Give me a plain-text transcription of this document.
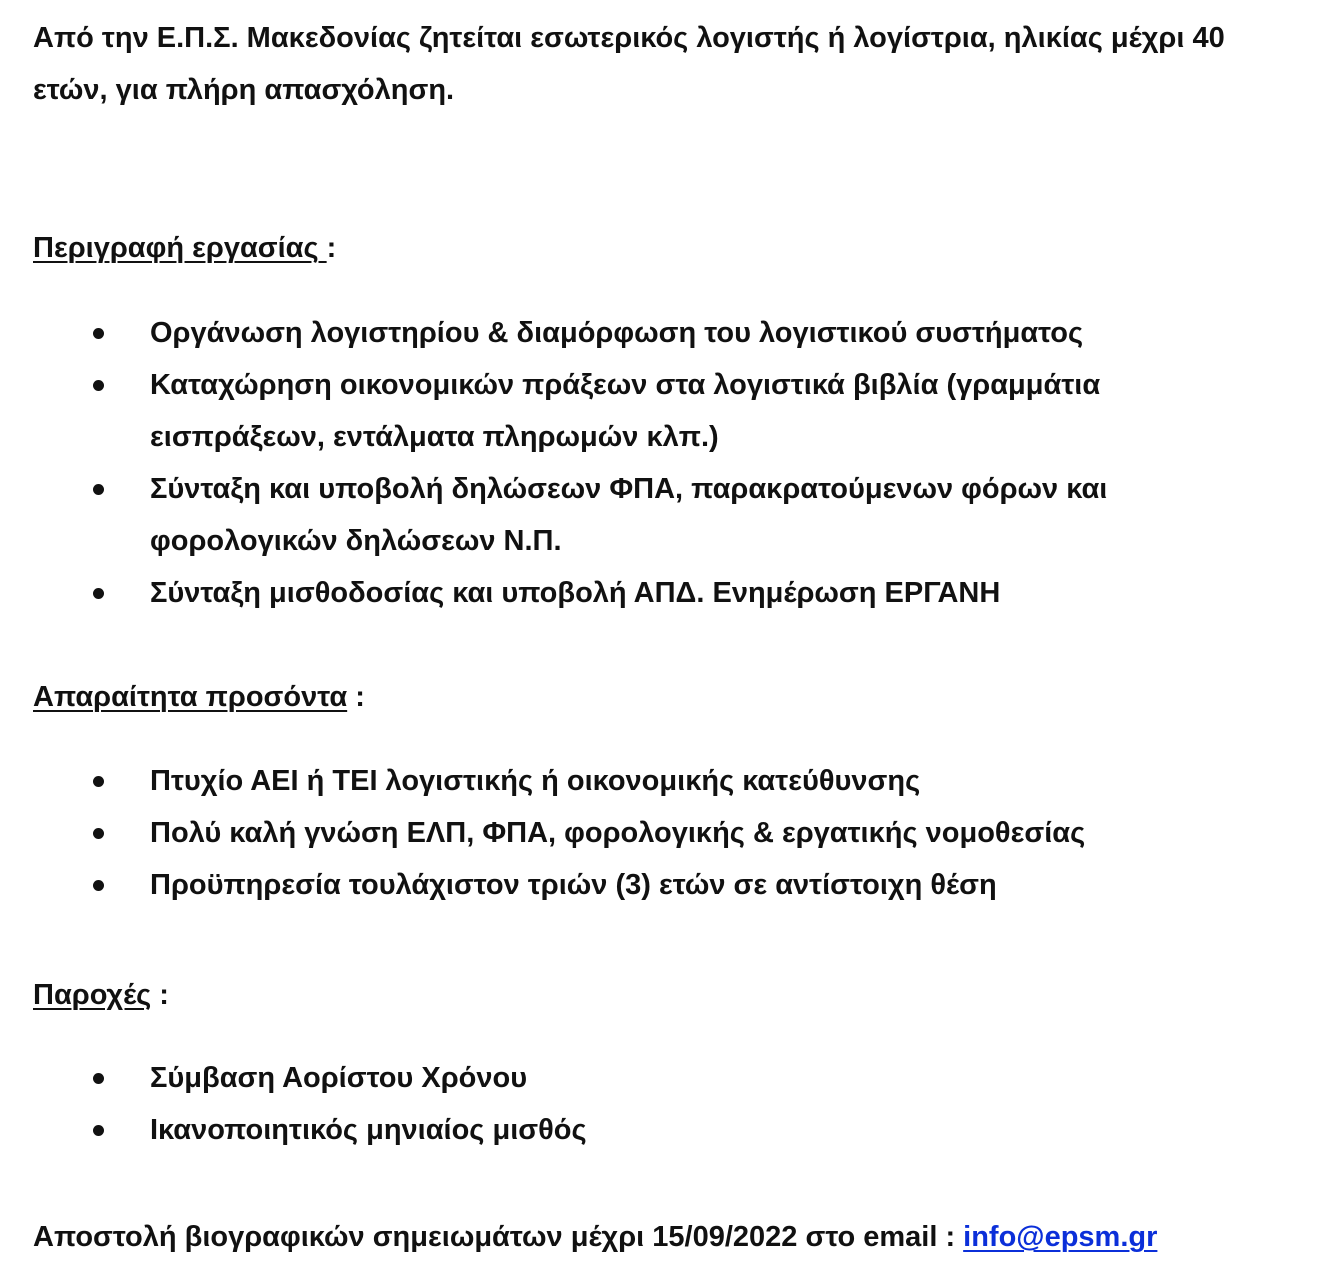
Από την Ε.Π.Σ. Μακεδονίας ζητείται εσωτερικός λογιστής ή λογίστρια, ηλικίας μέχρι 40
ετών, για πλήρη απασχόληση.

Περιγραφή εργασίας :

Οργάνωση λογιστηρίου & διαμόρφωση του λογιστικού συστήματος
Καταχώρηση οικονομικών πράξεων στα λογιστικά βιβλία (γραμμάτια
εισπράξεων, εντάλματα πληρωμών κλπ.)
Σύνταξη και υποβολή δηλώσεων ΦΠΑ, παρακρατούμενων φόρων και
φορολογικών δηλώσεων Ν.Π.
Σύνταξη μισθοδοσίας και υποβολή ΑΠΔ. Ενημέρωση ΕΡΓΑΝΗ

Απαραίτητα προσόντα :

Πτυχίο ΑΕΙ ή ΤΕΙ λογιστικής ή οικονομικής κατεύθυνσης
Πολύ καλή γνώση ΕΛΠ, ΦΠΑ, φορολογικής & εργατικής νομοθεσίας
Προϋπηρεσία τουλάχιστον τριών (3) ετών σε αντίστοιχη θέση

Παροχές :

Σύμβαση Αορίστου Χρόνου
Ικανοποιητικός μηνιαίος μισθός

Αποστολή βιογραφικών σημειωμάτων μέχρι 15/09/2022 στο email : info@epsm.gr
